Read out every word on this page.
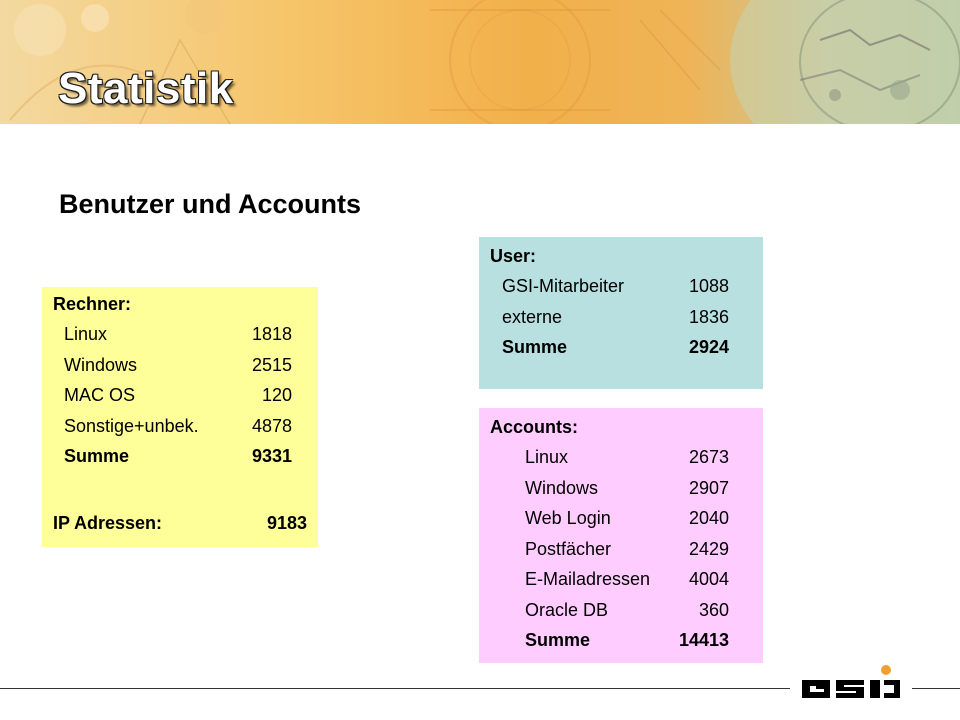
Statistik
Benutzer und Accounts
Rechner:
Linux	1818
Windows	2515
MAC OS	120
Sonstige+unbek.	4878
Summe	9331
IP Adressen:	9183
User:
GSI-Mitarbeiter	1088
externe	1836
Summe	2924
Accounts:
Linux	2673
Windows	2907
Web Login	2040
Postfächer	2429
E-Mailadressen 4004
Oracle DB	360
Summe	14413
